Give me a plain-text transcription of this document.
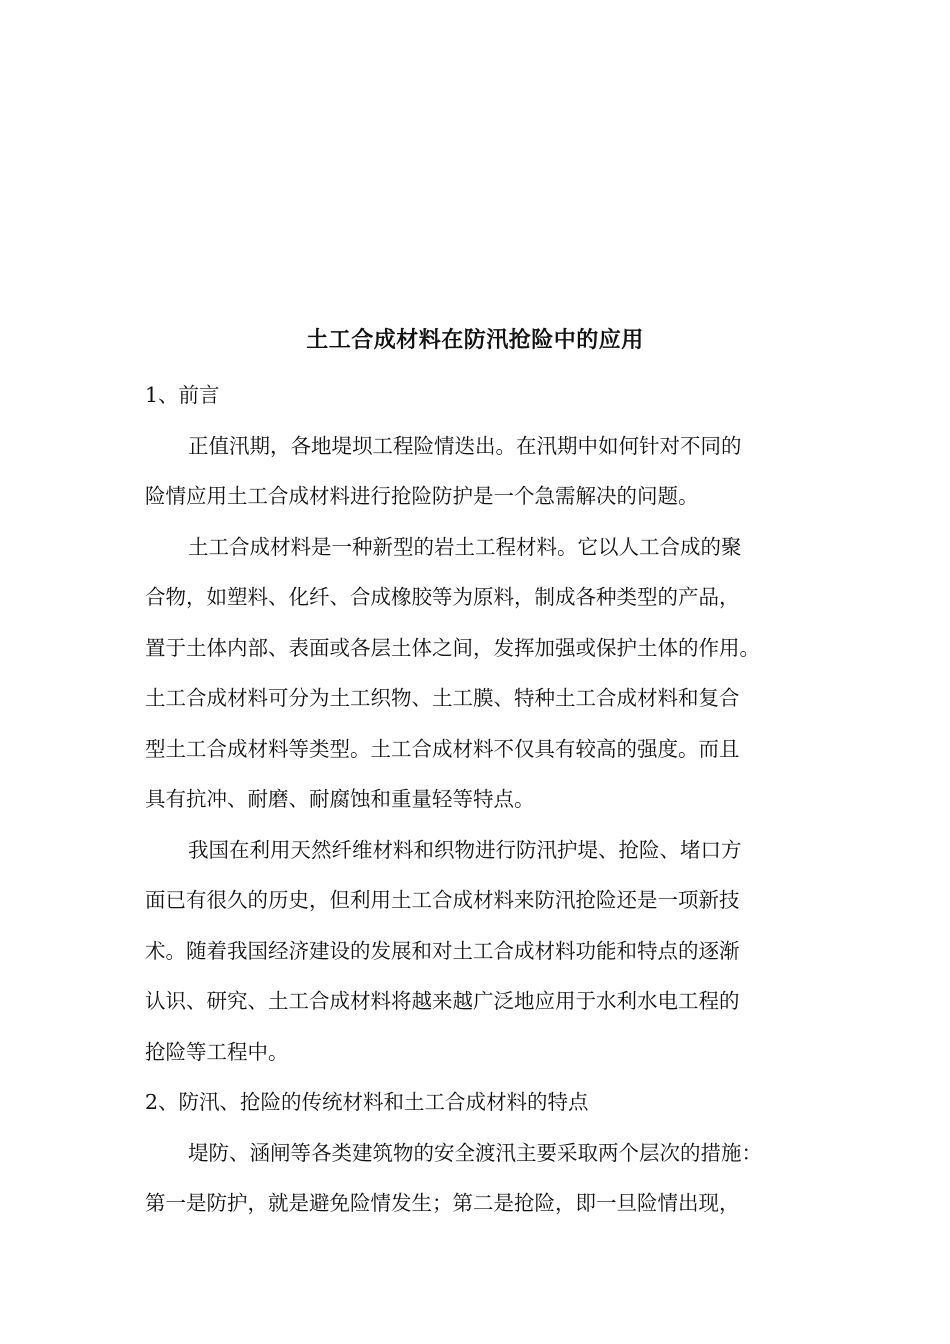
土工合成材料在防汛抢险中的应用

1、前言

正值汛期，各地堤坝工程险情迭出。在汛期中如何针对不同的
险情应用土工合成材料进行抢险防护是一个急需解决的问题。

土工合成材料是一种新型的岩土工程材料。它以人工合成的聚
合物，如塑料、化纤、合成橡胶等为原料，制成各种类型的产品，
置于土体内部、表面或各层土体之间，发挥加强或保护土体的作用。
土工合成材料可分为土工织物、土工膜、特种土工合成材料和复合
型土工合成材料等类型。土工合成材料不仅具有较高的强度。而且
具有抗冲、耐磨、耐腐蚀和重量轻等特点。

我国在利用天然纤维材料和织物进行防汛护堤、抢险、堵口方
面已有很久的历史，但利用土工合成材料来防汛抢险还是一项新技
术。随着我国经济建设的发展和对土工合成材料功能和特点的逐渐
认识、研究、土工合成材料将越来越广泛地应用于水利水电工程的
抢险等工程中。

2、防汛、抢险的传统材料和土工合成材料的特点

堤防、涵闸等各类建筑物的安全渡汛主要采取两个层次的措施：
第一是防护，就是避免险情发生；第二是抢险，即一旦险情出现，
